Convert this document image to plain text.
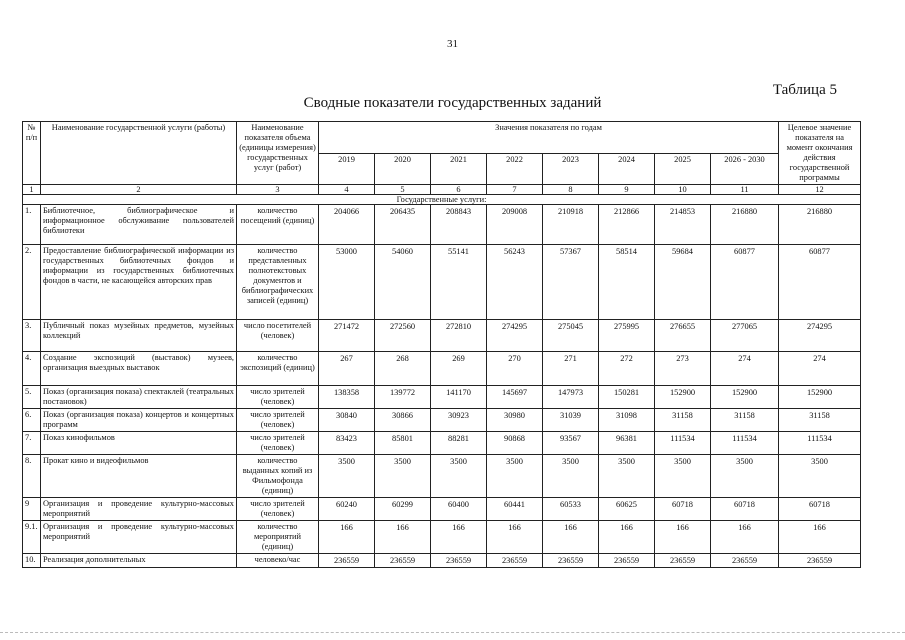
31
Таблица 5
Сводные показатели государственных заданий
№ п/п	Наименование государственной услуги (работы)	Наименование показателя объема (единицы измерения) государственных услуг (работ)	Значения показателя по годам								Целевое значение показателя на момент окончания действия государственной программы
			2019	2020	2021	2022	2023	2024	2025	2026 - 2030	
1	2	3	4	5	6	7	8	9	10	11	12
Государственные услуги:											
1.	Библиотечное, библиографическое и информационное обслуживание пользователей библиотеки	количество посещений (единиц)	204066	206435	208843	209008	210918	212866	214853	216880	216880
2.	Предоставление библиографической информации из государственных библиотечных фондов и информации из государственных библиотечных фондов в части, не касающейся авторских прав	количество представленных полнотекстовых документов и библиографических записей (единиц)	53000	54060	55141	56243	57367	58514	59684	60877	60877
3.	Публичный показ музейных предметов, музейных коллекций	число посетителей (человек)	271472	272560	272810	274295	275045	275995	276655	277065	274295
4.	Создание экспозиций (выставок) музеев, организация выездных выставок	количество экспозиций (единиц)	267	268	269	270	271	272	273	274	274
5.	Показ (организация показа) спектаклей (театральных постановок)	число зрителей (человек)	138358	139772	141170	145697	147973	150281	152900	152900	152900
6.	Показ (организация показа) концертов и концертных программ	число зрителей (человек)	30840	30866	30923	30980	31039	31098	31158	31158	31158
7.	Показ кинофильмов	число зрителей (человек)	83423	85801	88281	90868	93567	96381	111534	111534	111534
8.	Прокат кино и видеофильмов	количество выданных копий из Фильмофонда (единиц)	3500	3500	3500	3500	3500	3500	3500	3500	3500
9	Организация и проведение культурно-массовых мероприятий	число зрителей (человек)	60240	60299	60400	60441	60533	60625	60718	60718	60718
9.1.	Организация и проведение культурно-массовых мероприятий	количество мероприятий (единиц)	166	166	166	166	166	166	166	166	166
10.	Реализация дополнительных	человеко/час	236559	236559	236559	236559	236559	236559	236559	236559	236559
